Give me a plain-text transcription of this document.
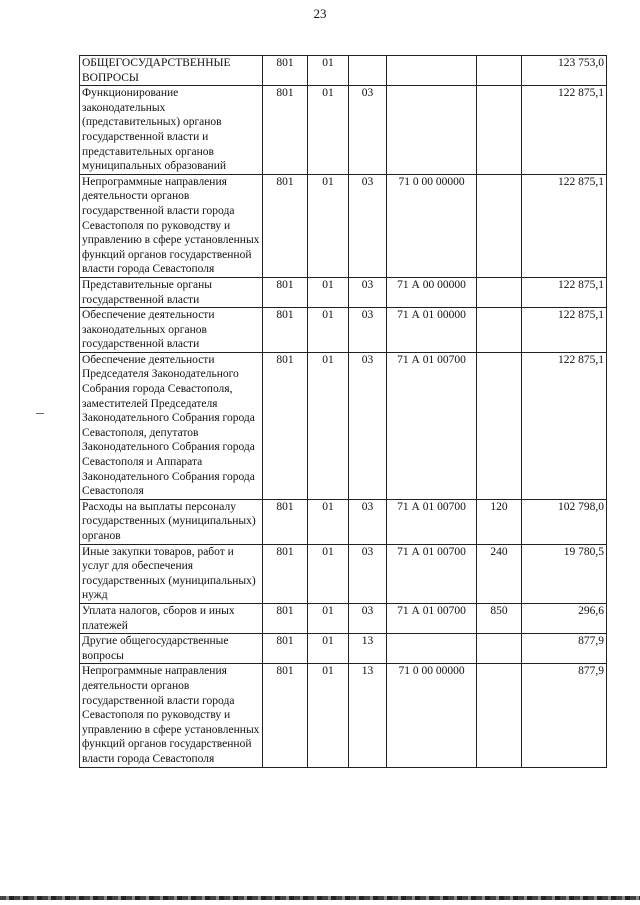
23
ОБЩЕГОСУДАРСТВЕННЫЕ ВОПРОСЫ	801	01				123 753,0
Функционирование законодательных (представительных) органов государственной власти и представительных органов муниципальных образований	801	01	03			122 875,1
Непрограммные направления деятельности органов государственной власти города Севастополя по руководству и управлению в сфере установленных функций органов государственной власти города Севастополя	801	01	03	71 0 00 00000		122 875,1
Представительные органы государственной власти	801	01	03	71 А 00 00000		122 875,1
Обеспечение деятельности законодательных органов государственной власти	801	01	03	71 А 01 00000		122 875,1
Обеспечение деятельности Председателя Законодательного Собрания города Севастополя, заместителей Председателя Законодательного Собрания города Севастополя, депутатов Законодательного Собрания города Севастополя и Аппарата Законодательного Собрания города Севастополя	801	01	03	71 А 01 00700		122 875,1
Расходы на выплаты персоналу государственных (муниципальных) органов	801	01	03	71 А 01 00700	120	102 798,0
Иные закупки товаров, работ и услуг для обеспечения государственных (муниципальных) нужд	801	01	03	71 А 01 00700	240	19 780,5
Уплата налогов, сборов и иных платежей	801	01	03	71 А 01 00700	850	296,6
Другие общегосударственные вопросы	801	01	13			877,9
Непрограммные направления деятельности органов государственной власти города Севастополя по руководству и управлению в сфере установленных функций органов государственной власти города Севастополя	801	01	13	71 0 00 00000		877,9
